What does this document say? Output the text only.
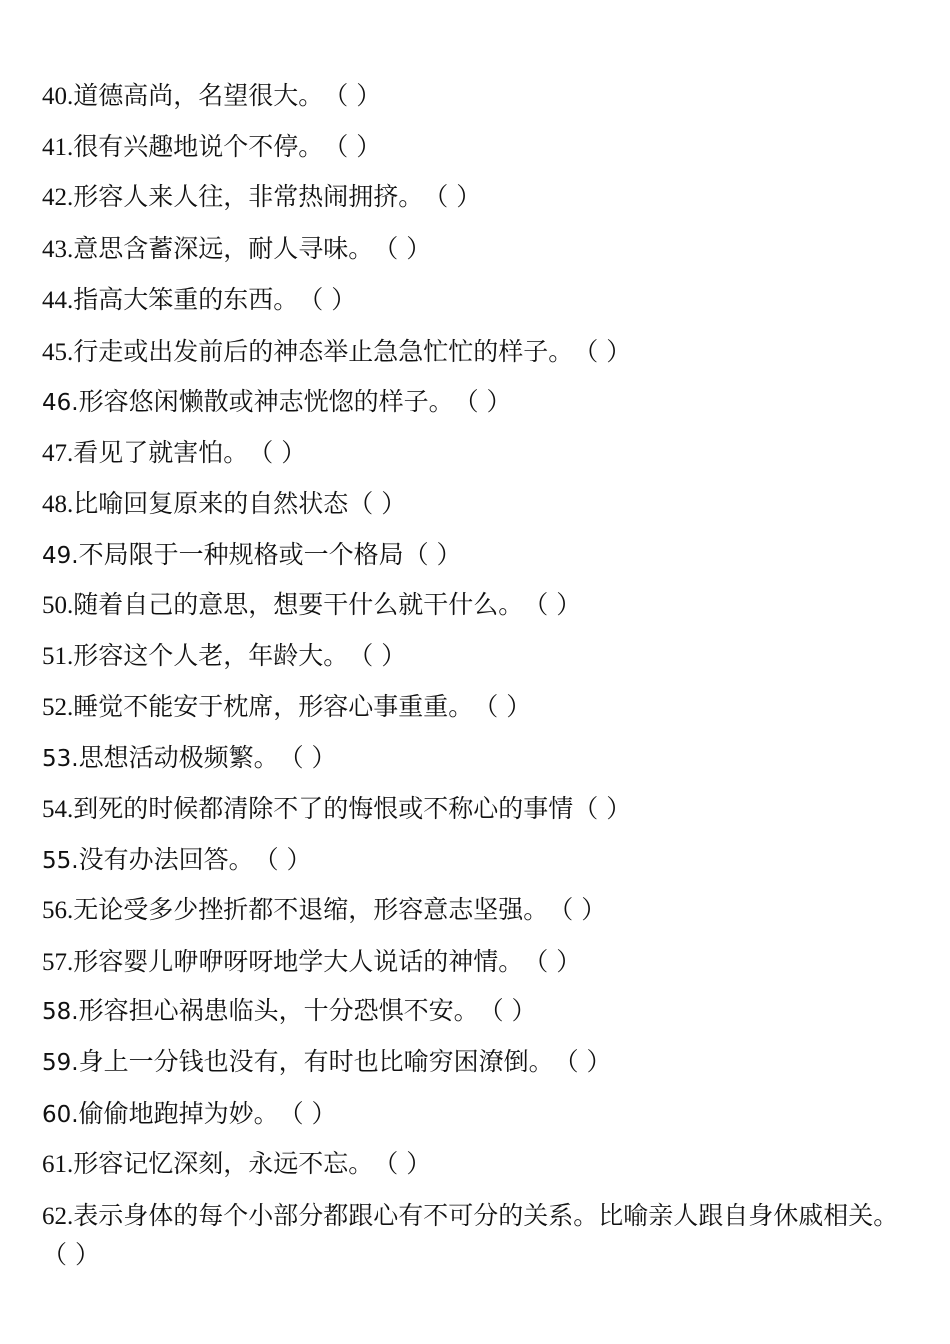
40.道德高尚，名望很大。（ ）
41.很有兴趣地说个不停。（ ）
42.形容人来人往，非常热闹拥挤。（ ）
43.意思含蓄深远，耐人寻味。（ ）
44.指高大笨重的东西。（ ）
45.行走或出发前后的神态举止急急忙忙的样子。（ ）
46.形容悠闲懒散或神志恍惚的样子。（ ）
47.看见了就害怕。（ ）
48.比喻回复原来的自然状态（ ）
49.不局限于一种规格或一个格局（ ）
50.随着自己的意思，想要干什么就干什么。（ ）
51.形容这个人老，年龄大。（ ）
52.睡觉不能安于枕席，形容心事重重。（ ）
53.思想活动极频繁。（ ）
54.到死的时候都清除不了的悔恨或不称心的事情（ ）
55.没有办法回答。（ ）
56.无论受多少挫折都不退缩，形容意志坚强。（ ）
57.形容婴儿咿咿呀呀地学大人说话的神情。（ ）
58.形容担心祸患临头，十分恐惧不安。（ ）
59.身上一分钱也没有，有时也比喻穷困潦倒。（ ）
60.偷偷地跑掉为妙。（ ）
61.形容记忆深刻，永远不忘。（ ）
62.表示身体的每个小部分都跟心有不可分的关系。比喻亲人跟自身休戚相关。（ ）
